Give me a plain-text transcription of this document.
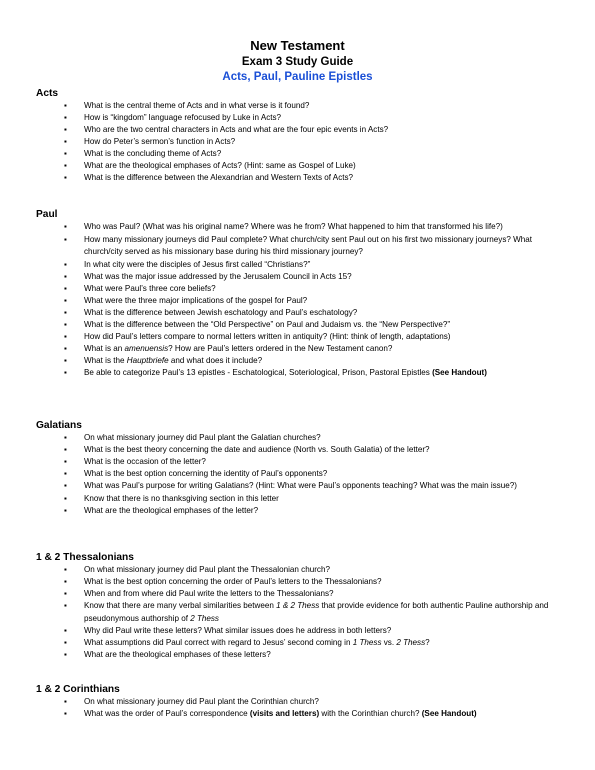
New Testament
Exam 3 Study Guide
Acts, Paul, Pauline Epistles
Acts
▪ What is the central theme of Acts and in what verse is it found?
▪ How is “kingdom” language refocused by Luke in Acts?
▪ Who are the two central characters in Acts and what are the four epic events in Acts?
▪ How do Peter’s sermon’s function in Acts?
▪ What is the concluding theme of Acts?
▪ What are the theological emphases of Acts? (Hint: same as Gospel of Luke)
▪ What is the difference between the Alexandrian and Western Texts of Acts?
Paul
▪ Who was Paul? (What was his original name? Where was he from? What happened to him that transformed his life?)
▪ How many missionary journeys did Paul complete? What church/city sent Paul out on his first two missionary journeys? What church/city served as his missionary base during his third missionary journey?
▪ In what city were the disciples of Jesus first called “Christians?”
▪ What was the major issue addressed by the Jerusalem Council in Acts 15?
▪ What were Paul’s three core beliefs?
▪ What were the three major implications of the gospel for Paul?
▪ What is the difference between Jewish eschatology and Paul’s eschatology?
▪ What is the difference between the “Old Perspective” on Paul and Judaism vs. the “New Perspective?”
▪ How did Paul’s letters compare to normal letters written in antiquity? (Hint: think of length, adaptations)
▪ What is an amenuensis? How are Paul’s letters ordered in the New Testament canon?
▪ What is the Hauptbriefe and what does it include?
▪ Be able to categorize Paul’s 13 epistles - Eschatological, Soteriological, Prison, Pastoral Epistles (See Handout)
Galatians
▪ On what missionary journey did Paul plant the Galatian churches?
▪ What is the best theory concerning the date and audience (North vs. South Galatia) of the letter?
▪ What is the occasion of the letter?
▪ What is the best option concerning the identity of Paul’s opponents?
▪ What was Paul’s purpose for writing Galatians? (Hint: What were Paul’s opponents teaching? What was the main issue?)
▪ Know that there is no thanksgiving section in this letter
▪ What are the theological emphases of the letter?
1 & 2 Thessalonians
▪ On what missionary journey did Paul plant the Thessalonian church?
▪ What is the best option concerning the order of Paul’s letters to the Thessalonians?
▪ When and from where did Paul write the letters to the Thessalonians?
▪ Know that there are many verbal similarities between 1 & 2 Thess that provide evidence for both authentic Pauline authorship and pseudonymous authorship of 2 Thess
▪ Why did Paul write these letters? What similar issues does he address in both letters?
▪ What assumptions did Paul correct with regard to Jesus’ second coming in 1 Thess vs. 2 Thess?
▪ What are the theological emphases of these letters?
1 & 2 Corinthians
▪ On what missionary journey did Paul plant the Corinthian church?
▪ What was the order of Paul’s correspondence (visits and letters) with the Corinthian church? (See Handout)
